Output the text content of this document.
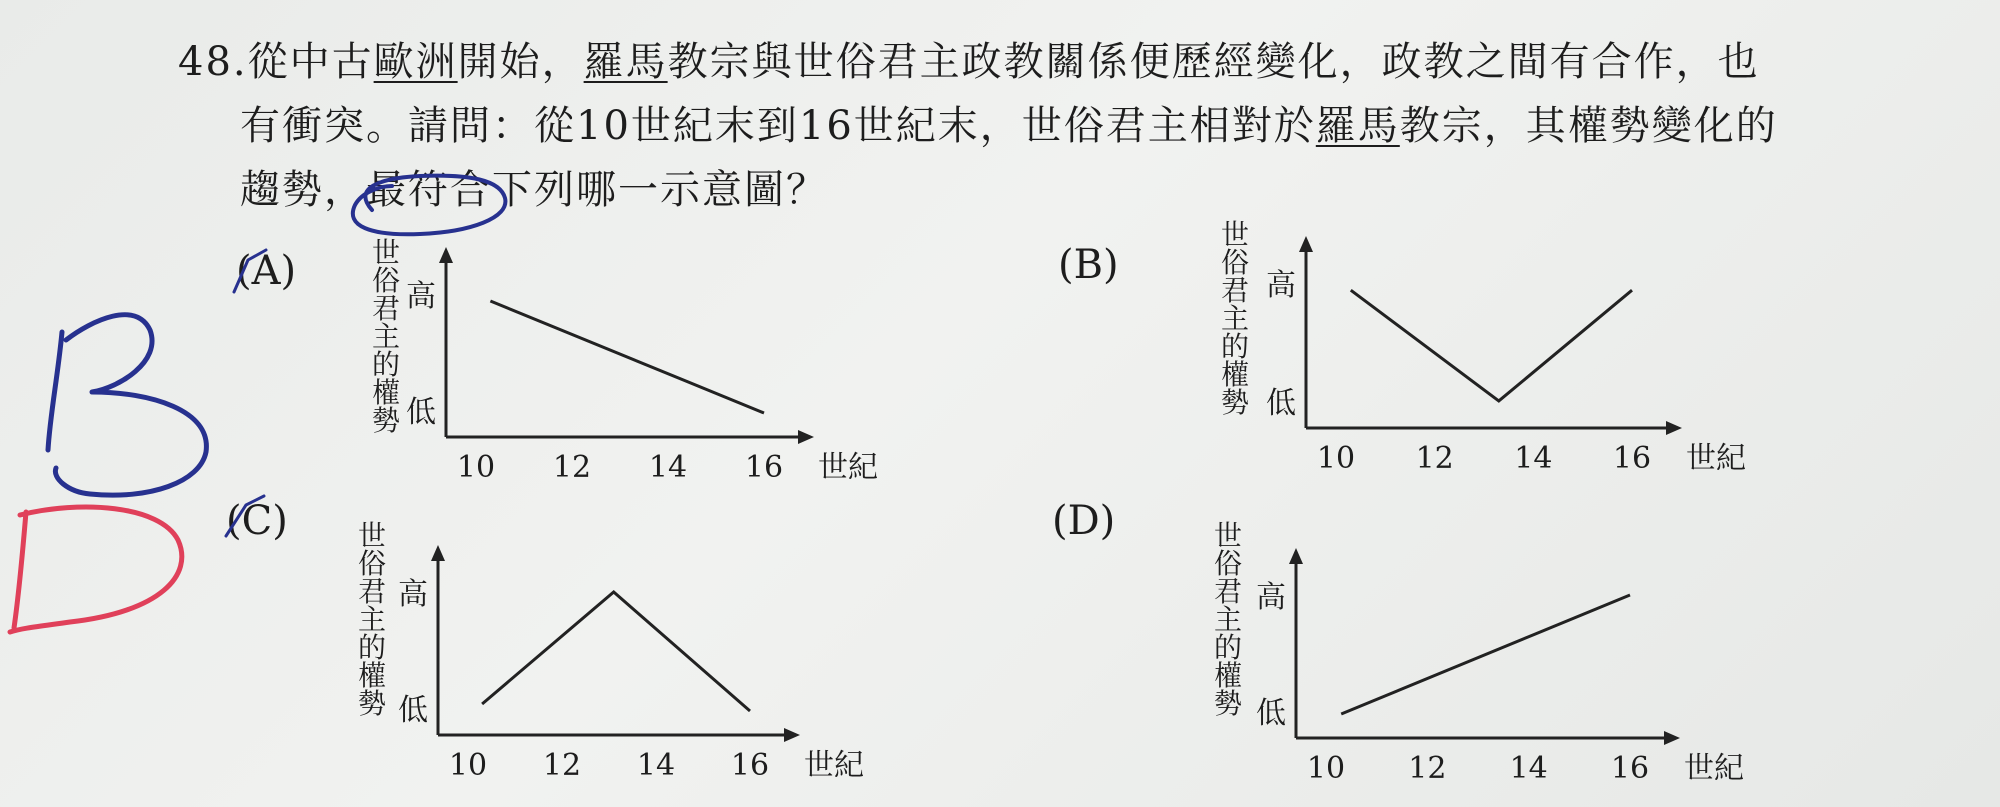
48.從中古歐洲開始，羅馬教宗與世俗君主政教關係便歷經變化，政教之間有合作，也
有衝突。請問：從10世紀末到16世紀末，世俗君主相對於羅馬教宗，其權勢變化的
趨勢，最符合下列哪一示意圖？
(A)	(B)
(C)	(D)
世
俗
君
主
的
權
勢
高
低
10 12 14 16 世紀
世
俗
君
主
的
權
勢
高
低
10 12 14 16 世紀
世
俗
君
主
的
權
勢
高
低
10 12 14 16 世紀
世
俗
君
主
的
權
勢
高
低
10 12 14 16 世紀
